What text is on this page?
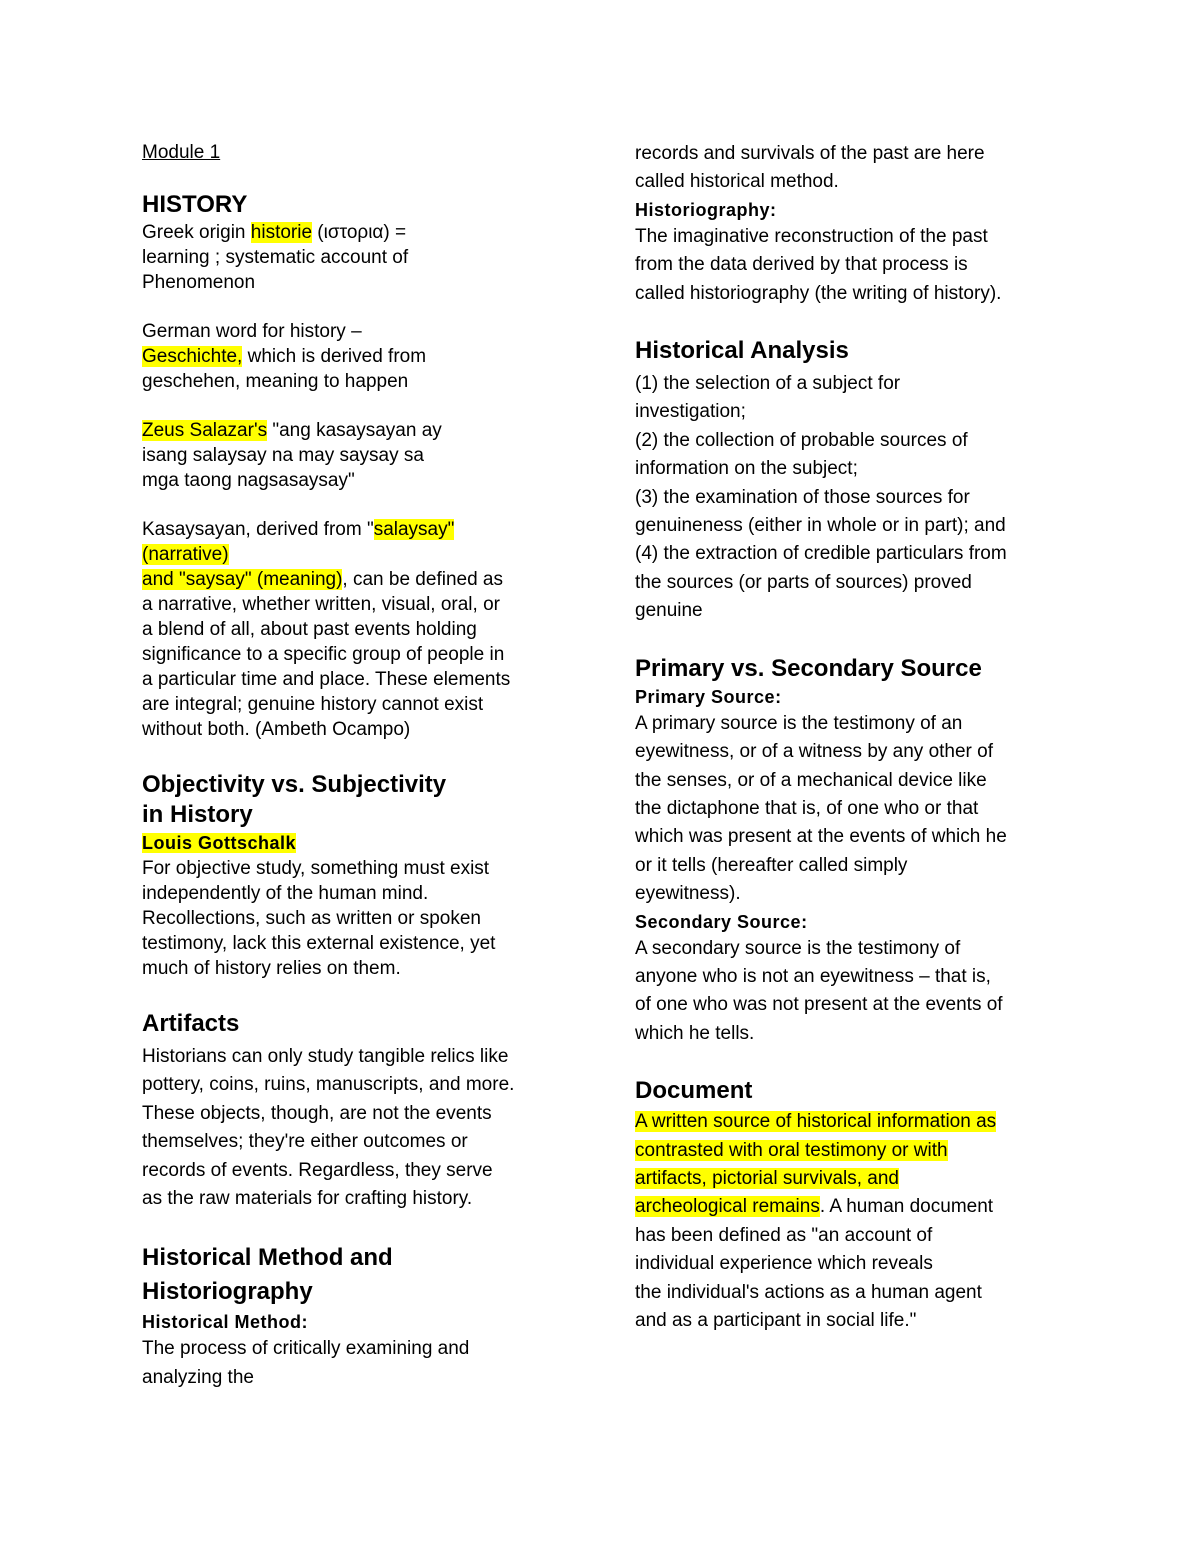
Module 1

HISTORY
Greek origin historie (ιστορια) =
learning ; systematic account of
Phenomenon
German word for history –
Geschichte, which is derived from
geschehen, meaning to happen
Zeus Salazar's "ang kasaysayan ay
isang salaysay na may saysay sa
mga taong nagsasaysay"
Kasaysayan, derived from "salaysay"
(narrative)
and "saysay" (meaning), can be defined as
a narrative, whether written, visual, oral, or
a blend of all, about past events holding
significance to a specific group of people in
a particular time and place. These elements
are integral; genuine history cannot exist
without both. (Ambeth Ocampo)
Objectivity vs. Subjectivity
in History

Louis Gottschalk

For objective study, something must exist
independently of the human mind.
Recollections, such as written or spoken
testimony, lack this external existence, yet
much of history relies on them.
Artifacts
Historians can only study tangible relics like
pottery, coins, ruins, manuscripts, and more.
These objects, though, are not the events
themselves; they're either outcomes or
records of events. Regardless, they serve
as the raw materials for crafting history.
Historical Method and
Historiography

Historical Method:

The process of critically examining and
analyzing the
records and survivals of the past are here
called historical method.

Historiography:

The imaginative reconstruction of the past
from the data derived by that process is
called historiography (the writing of history).
Historical Analysis
(1) the selection of a subject for
investigation;
(2) the collection of probable sources of
information on the subject;
(3) the examination of those sources for
genuineness (either in whole or in part); and
(4) the extraction of credible particulars from
the sources (or parts of sources) proved
genuine
Primary vs. Secondary Source

Primary Source:

A primary source is the testimony of an
eyewitness, or of a witness by any other of
the senses, or of a mechanical device like
the dictaphone that is, of one who or that
which was present at the events of which he
or it tells (hereafter called simply
eyewitness).

Secondary Source:

A secondary source is the testimony of
anyone who is not an eyewitness – that is,
of one who was not present at the events of
which he tells.
Document
A written source of historical information as
contrasted with oral testimony or with
artifacts, pictorial survivals, and
archeological remains. A human document
has been defined as "an account of
individual experience which reveals
the individual's actions as a human agent
and as a participant in social life."
